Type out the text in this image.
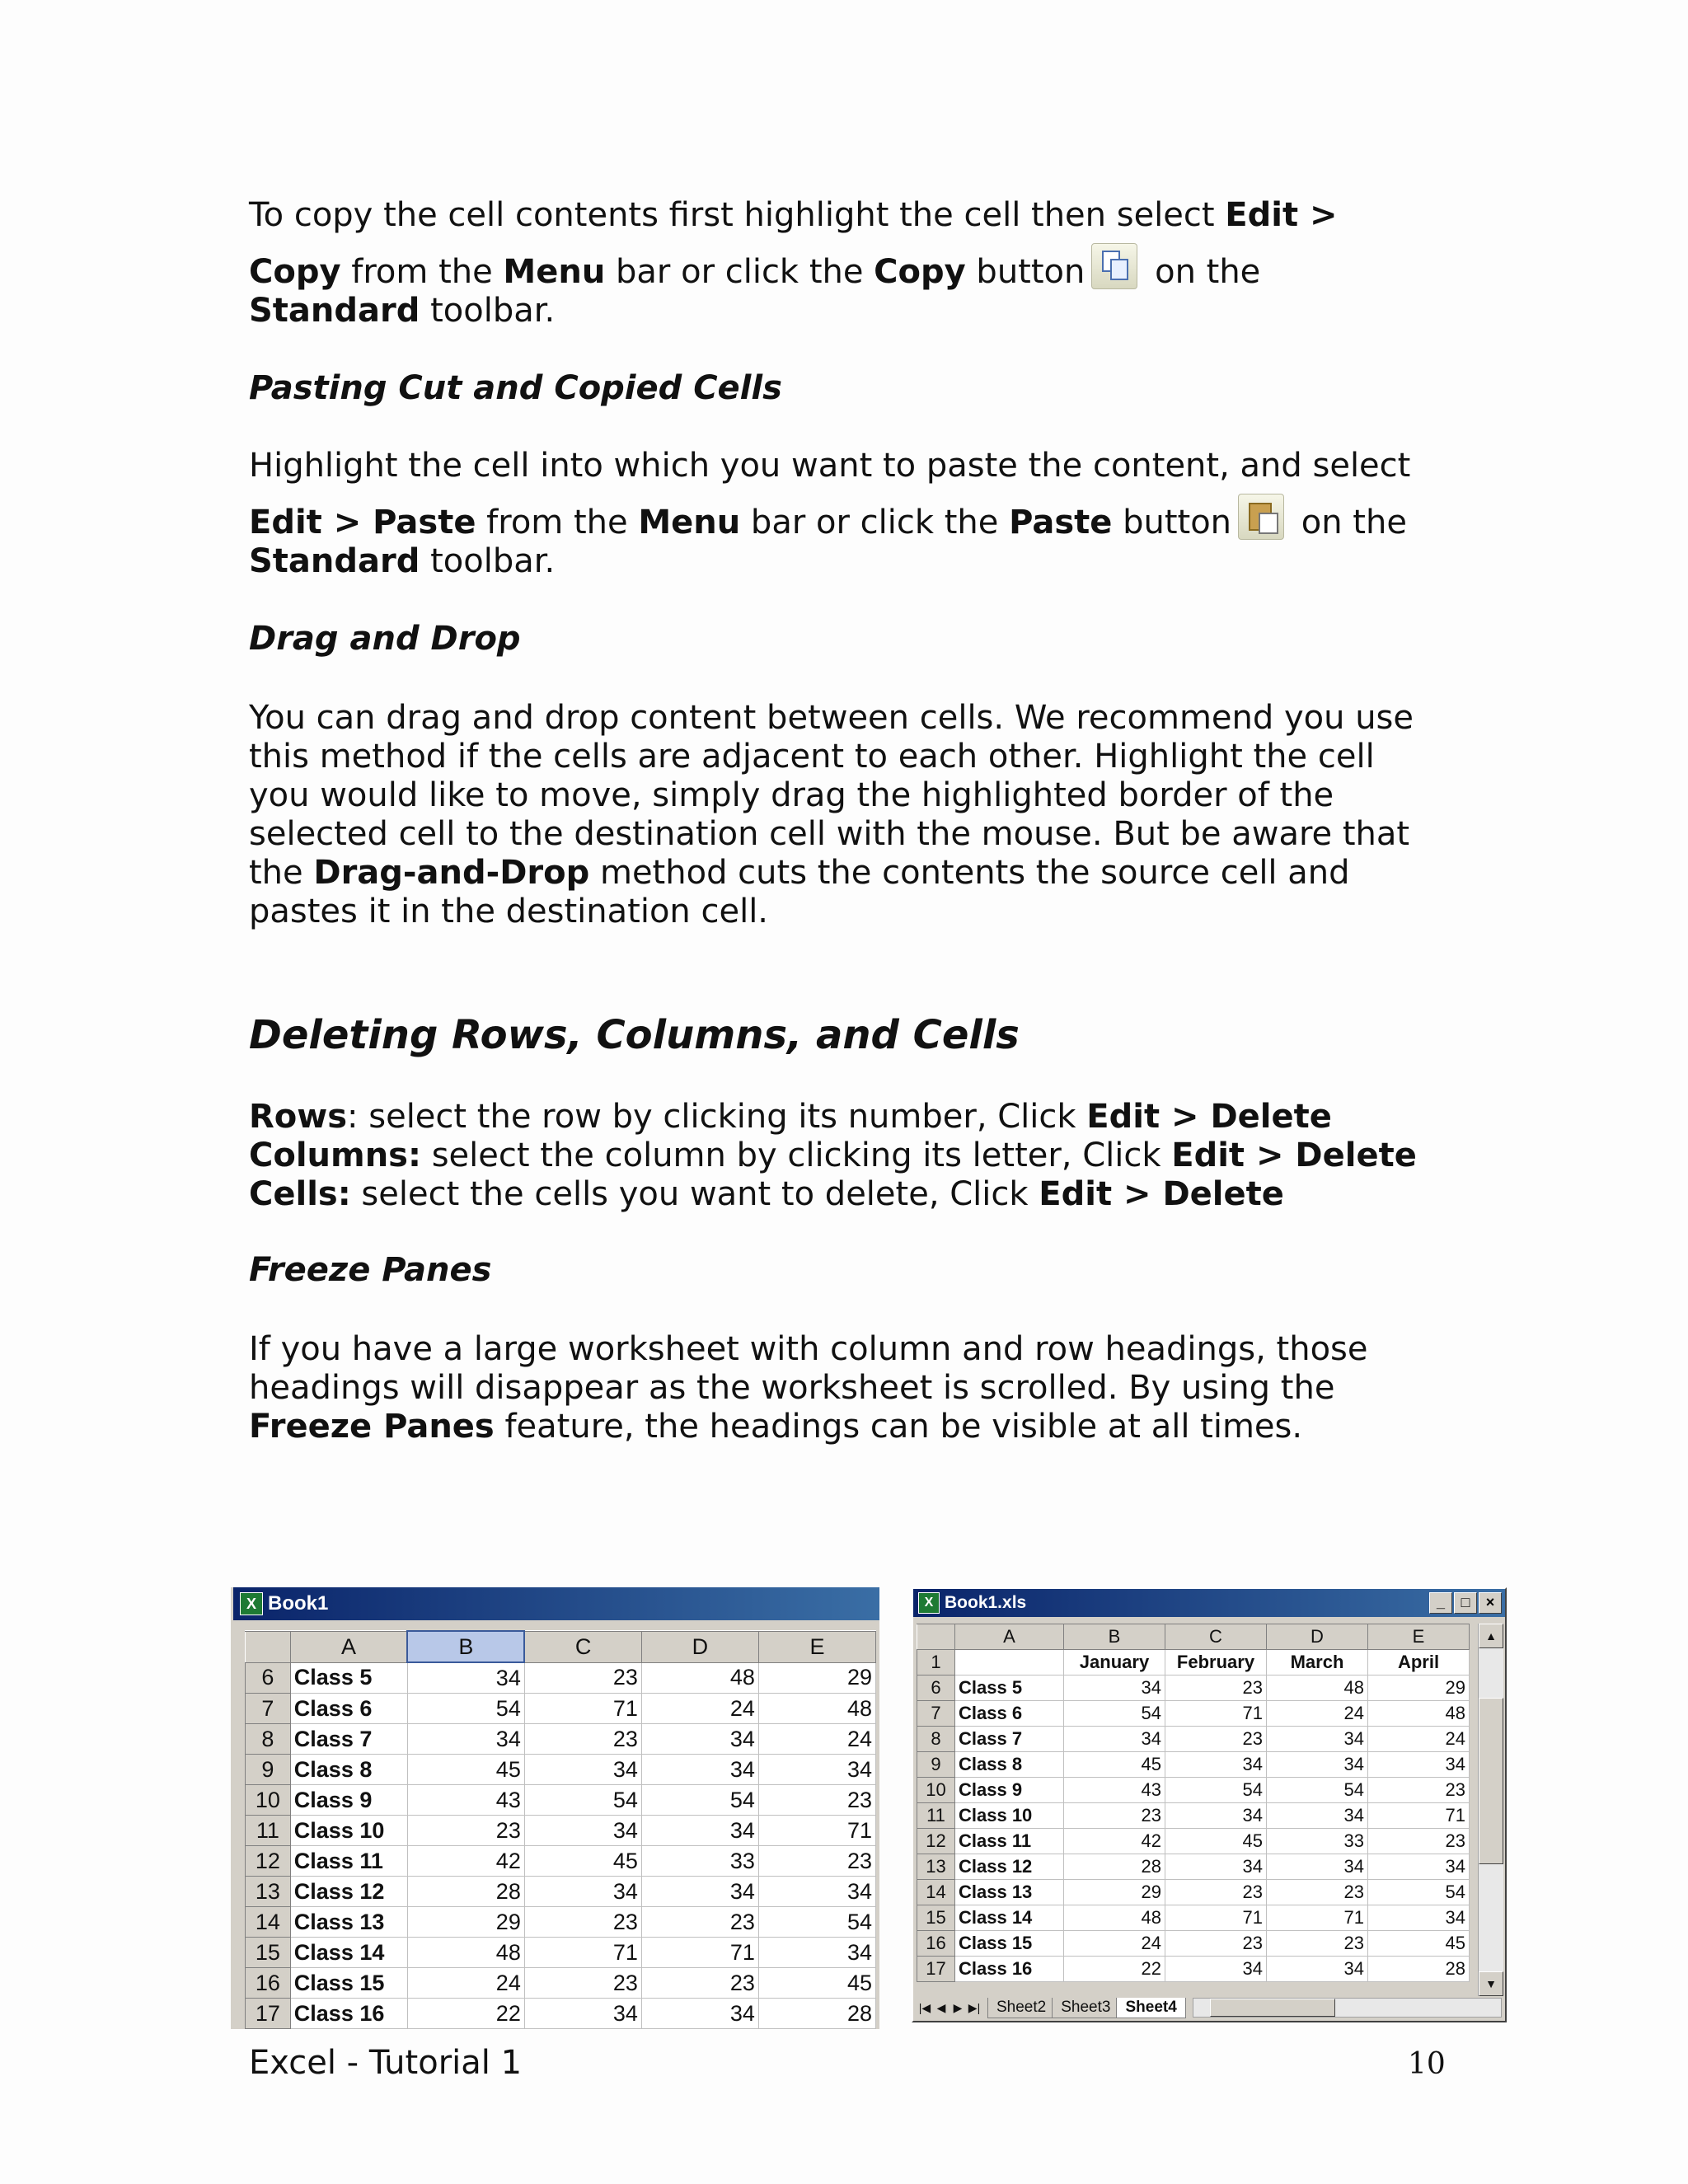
To copy the cell contents first highlight the cell then select Edit >

Copy from the Menu bar or click the Copy button
on the

Standard toolbar.

Pasting Cut and Copied Cells

Highlight the cell into which you want to paste the content, and select

Edit > Paste from the Menu bar or click the Paste button
on the

Standard toolbar.

Drag and Drop

You can drag and drop content between cells. We recommend you use this method if the cells are adjacent to each other. Highlight the cell you would like to move, simply drag the highlighted border of the selected cell to the destination cell with the mouse. But be aware that the Drag-and-Drop method cuts the contents the source cell and pastes it in the destination cell.

Deleting Rows, Columns, and Cells

Rows: select the row by clicking its number, Click Edit > Delete

Columns: select the column by clicking its letter, Click Edit > Delete

Cells: select the cells you want to delete, Click Edit > Delete

Freeze Panes

If you have a large worksheet with column and row headings, those headings will disappear as the worksheet is scrolled. By using the Freeze Panes feature, the headings can be visible at all times.

X Book1
	A	B	C	D	E
6	Class 5	34	23	48	29
7	Class 6	54	71	24	48
8	Class 7	34	23	34	24
9	Class 8	45	34	34	34
10	Class 9	43	54	54	23
11	Class 10	23	34	34	71
12	Class 11	42	45	33	23
13	Class 12	28	34	34	34
14	Class 13	29	23	23	54
15	Class 14	48	71	71	34
16	Class 15	24	23	23	45
17	Class 16	22	34	34	28
X Book1.xls	_	□	×
	A	B	C	D	E
1		January	February	March	April
6	Class 5	34	23	48	29
7	Class 6	54	71	24	48
8	Class 7	34	23	34	24
9	Class 8	45	34	34	34
10	Class 9	43	54	54	23
11	Class 10	23	34	34	71
12	Class 11	42	45	33	23
13	Class 12	28	34	34	34
14	Class 13	29	23	23	54
15	Class 14	48	71	71	34
16	Class 15	24	23	23	45
17	Class 16	22	34	34	28
▲
▼
|◀ ◀ ▶ ▶|	Sheet2 Sheet3 Sheet4
Excel - Tutorial 1	10
